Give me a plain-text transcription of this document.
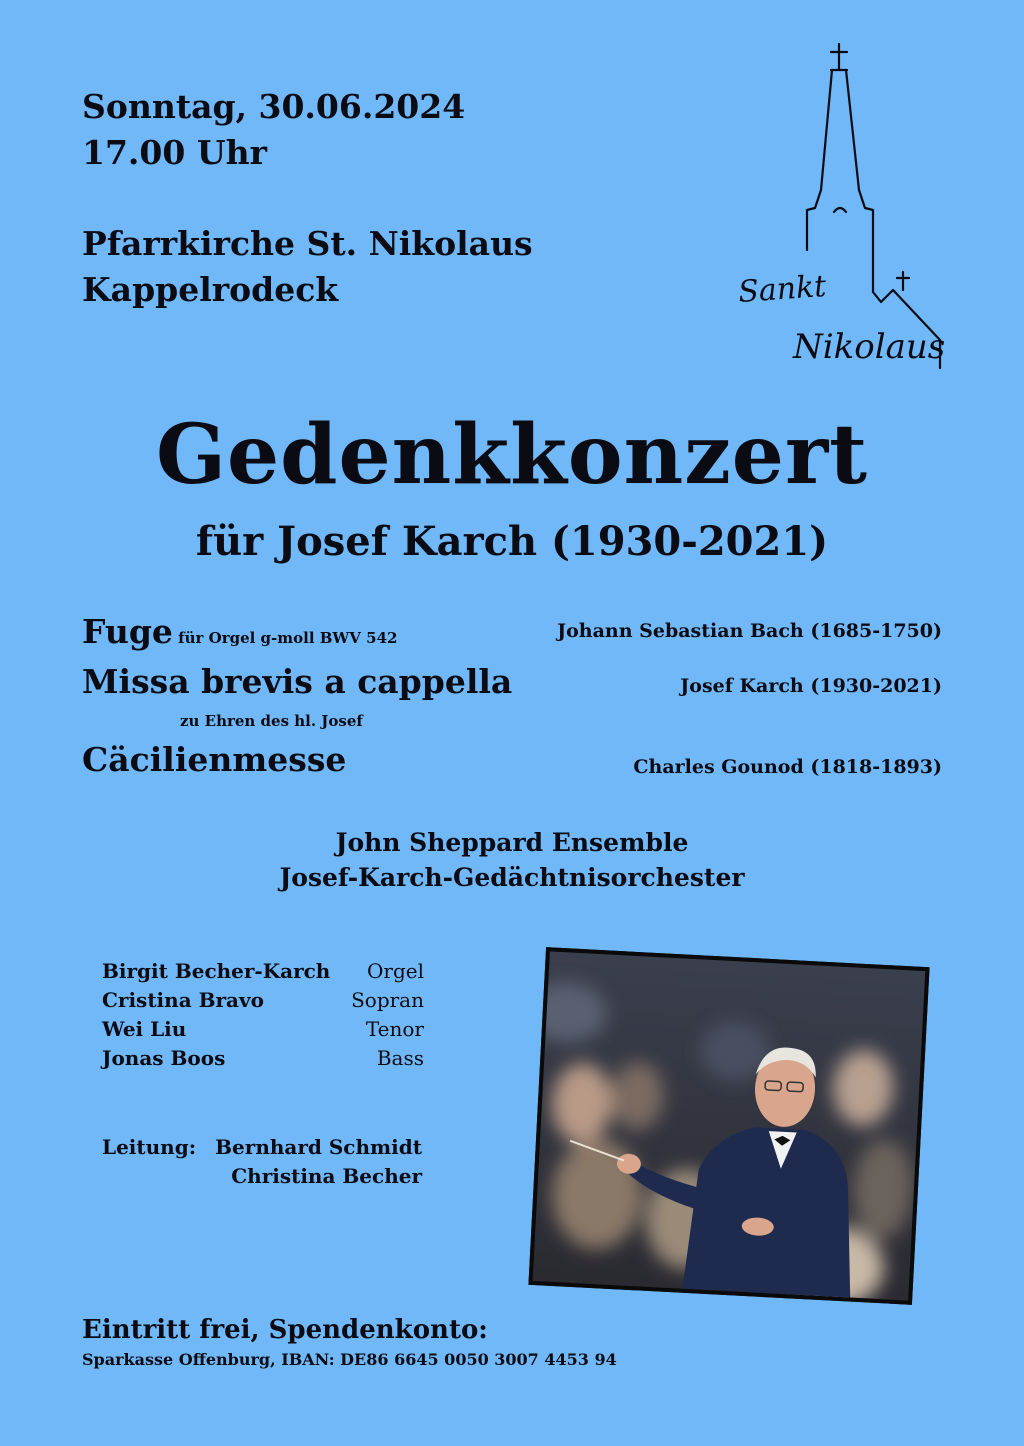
Sonntag, 30.06.2024
17.00 Uhr
Pfarrkirche St. Nikolaus
Kappelrodeck	Sankt
Nikolaus
Gedenkkonzert
für Josef Karch (1930-2021)
Fuge für Orgel g-moll BWV 542	Johann Sebastian Bach (1685-1750)
Missa brevis a cappella	Josef Karch (1930-2021)
zu Ehren des hl. Josef
Cäcilienmesse	Charles Gounod (1818-1893)
John Sheppard Ensemble
Josef-Karch-Gedächtnisorchester
Birgit Becher-Karch Orgel
Cristina Bravo	Sopran
Wei Liu	Tenor
Jonas Boos	Bass
Leitung: Bernhard Schmidt
Christina Becher
Eintritt frei, Spendenkonto:
Sparkasse Offenburg, IBAN: DE86 6645 0050 3007 4453 94
